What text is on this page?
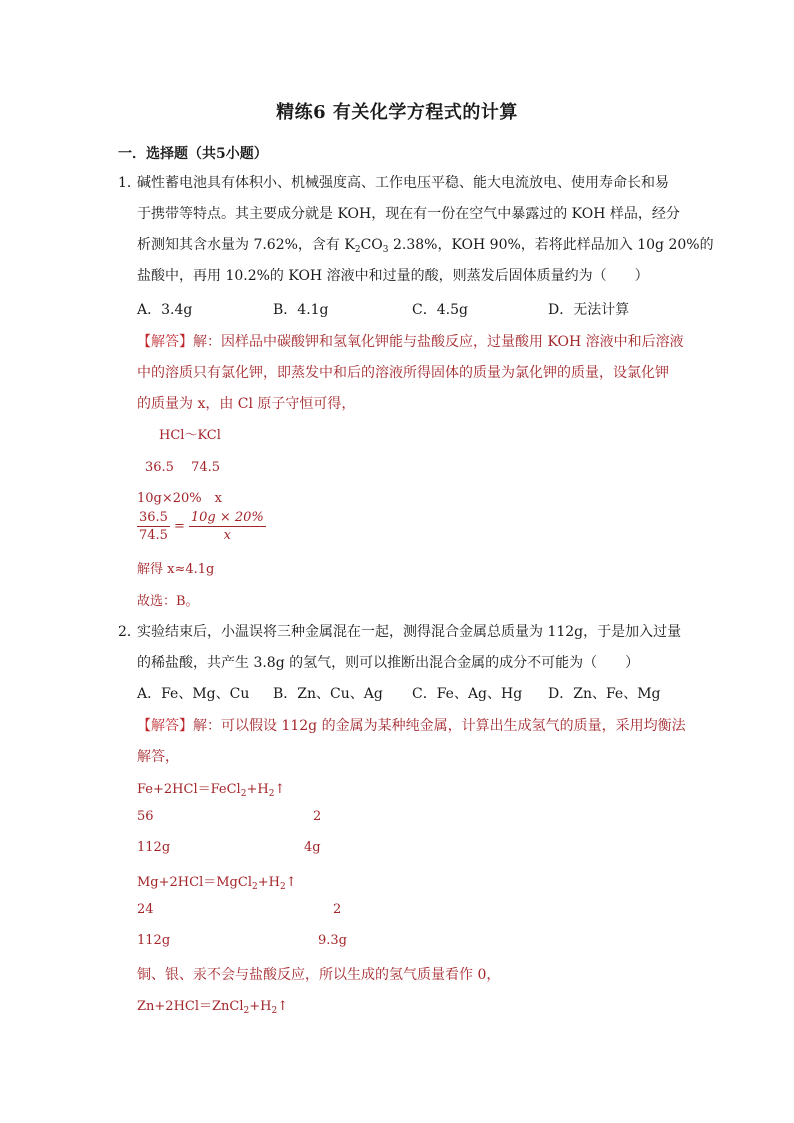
精练6 有关化学方程式的计算
一．选择题（共5小题）
1．
碱性蓄电池具有体积小、机械强度高、工作电压平稳、能大电流放电、使用寿命长和易
于携带等特点。其主要成分就是 KOH，现在有一份在空气中暴露过的 KOH 样品，经分
析测知其含水量为 7.62%，含有 $K_2CO_3$ 2.38%，KOH 90%，若将此样品加入 10g 20%的
盐酸中，再用 10.2%的 KOH 溶液中和过量的酸，则蒸发后固体质量约为（　　）
A．3.4g	B．4.1g	C．4.5g	D．无法计算
【解答】解：因样品中碳酸钾和氢氧化钾能与盐酸反应，过量酸用 KOH 溶液中和后溶液
中的溶质只有氯化钾，即蒸发中和后的溶液所得固体的质量为氯化钾的质量，设氯化钾
的质量为 x，由 Cl 原子守恒可得，
HCl～KCl
36.5　 74.5
10g×20%　x
$\frac{36.5}{74.5} = \frac{10g \times 20\%}{x}$
解得 x≈4.1g
故选：B。
2．
实验结束后，小温误将三种金属混在一起，测得混合金属总质量为 112g，于是加入过量
的稀盐酸，共产生 3.8g 的氢气，则可以推断出混合金属的成分不可能为（　　）
A．Fe、Mg、Cu B．Zn、Cu、Ag C．Fe、Ag、Hg D．Zn、Fe、Mg
【解答】解：可以假设 112g 的金属为某种纯金属，计算出生成氢气的质量，采用均衡法
解答，
$Fe+2HCl=FeCl_2+H_2↑$
56	2
112g	4g
$Mg+2HCl=MgCl_2+H_2↑$
24	2
112g	9.3g
铜、银、汞不会与盐酸反应，所以生成的氢气质量看作 0，
$Zn+2HCl=ZnCl_2+H_2↑$
